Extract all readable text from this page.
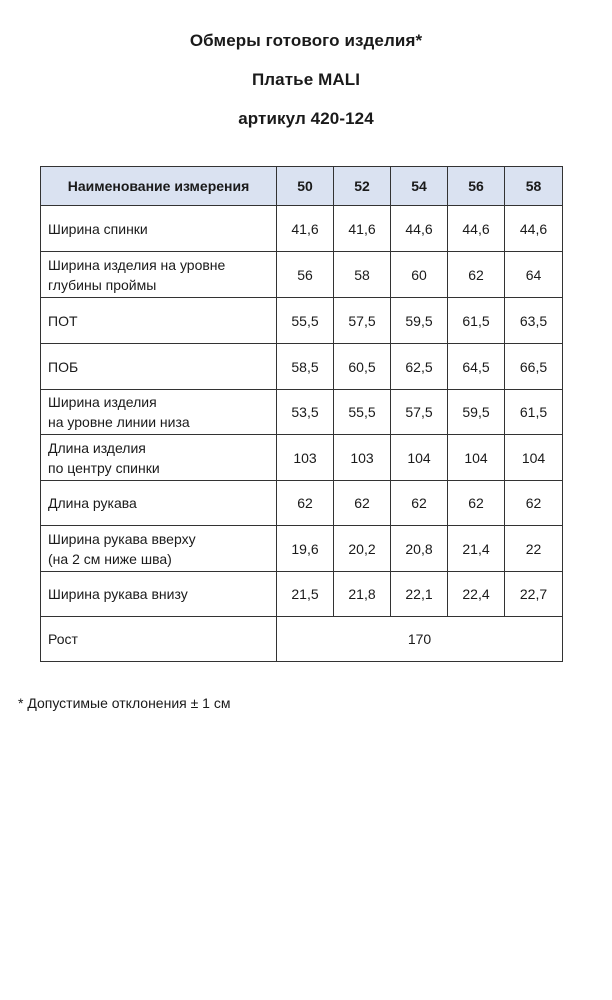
Обмеры готового изделия*
Платье MALI
артикул 420-124
Наименование измерения	50	52	54	56	58

Ширина спинки	41,6	41,6	44,6	44,6	44,6

Ширина изделия на уровне
глубины проймы	56	58	60	62	64

ПОТ	55,5	57,5	59,5	61,5	63,5

ПОБ	58,5	60,5	62,5	64,5	66,5

Ширина изделия
на уровне линии низа	53,5	55,5	57,5	59,5	61,5

Длина изделия
по центру спинки	103	103	104	104	104

Длина рукава	62	62	62	62	62

Ширина рукава вверху
(на 2 см ниже шва)	19,6	20,2	20,8	21,4	22

Ширина рукава внизу	21,5	21,8	22,1	22,4	22,7
Рост	170				
* Допустимые отклонения ± 1 см
